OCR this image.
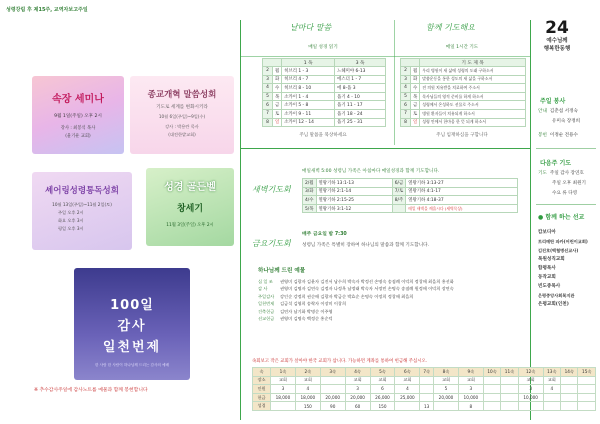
성령강림 후 제15주, 교역자보고주일
속장 세미나
9월 1일(주일) 오후 2시
강사 : 최봉석 목사
(율기운 교회)
종교개혁 말씀성회
기도로 세계를 변화시키라
10월 6일(주일)~9일(수)
강사 : 박용란 목사
(대전한밭교회)
셰어링성령통독성회
10월 13일(주일)~11월 2일(토)
주일 오후 2시
화요 오후 3시
평일 오후 3시
성경 골든벨
창세기
11월 3일(주일) 오후 2시
100일
감사
일천번제
한 사람 한 사람이 하나님께 드리는 감사의 예배
※ 추수감사주일에 감사노트를 예물과 함께 봉헌합니다
날마다 말씀	함께 기도해요
새벽기도회
금요기도회
매일 성경 읽기
		1 독	3 독
2	월	히브리 1 - 3	느헤미야 6-13
3	화	히브리 4 - 7	에스더 1 - 7
4	수	히브리 8 - 10	에 8-욥 3
5	목	소카이 1 - 4	욥기 4 - 10
6	금	소카이 5 - 8	욥기 11 - 17
7	토	소카이 9 - 11	욥기 18 - 24
8	일	소카이 12 - 14	욥기 25 - 31
주님 말씀을 묵상하세요
매일 1시간 기도
		기 도 제 목
2	월	우리 병원이 새 삶에 성령의 도래 구하소서
3	화	말씀운동을 통한 성도의 새 삶을 구하소서
4	수	전 의원 치유받을 치료하여 주소서
5	목	목사님들의 영적 준비를 하게 하소서
6	금	성령께서 온성하도 선물로 주소서
7	토	병원 환자들이 치유되게 하소서
8	일	성령 안에서 한마음 한 뜻 되게 하소서
주님 임재하심을 구합니다
매일새벽 5:00 성령님 가족은 아침마다 매일성경과 함께 기도합니다.
2/월	열왕기하 13:1-13	6/금	열왕기하 3:13-27
3/화	열왕기하 2:1-14	7/토	열왕기하 4:1-17
4/수	열왕기하 2:15-25	8/주	열왕기하 4:18-37
5/목	열왕기하 3:1-12		매일 새벽을 깨웁시다 (새벽묵상)
매주 금요일 밤 7:30
성령님 가족은 특별히 장하여 하나님의 말씀과 함께 기도합니다.
하나님께 드린 예물
십 일 조	권영미 김광자 김윤자 김진서 남수희 박숙자 박정선 손명숙 송점례 이덕희 정창애 최을희 홍선화
감 사	권영미 김명자 김연숙 김정자 나정옥 남정태 박숙자 서정민 손명숙 송점례 원정애 이덕희 장연숙
주일감사	강인순 강정희 권순애 김광자 박금순 박효순 손명숙 이정희 정창애 최을희
일천번제	김금석 김영희 송락자 이장미 이창희
건축헌금	김연자 남기화 박명순 이주영
선교헌금	권영미 김명숙 백정순 홍순덕
속회보고 작은 교회가 살아야 한국 교회가 삽니다. 가능하면 계좌를 통하여 헌금해 주십시오.
속	1속	2속	3속	4속	5속	6속	7속	8속	9속	10속	11속	12속	13속	14속	15속
장소	교회	교회		교회	교회	교회		교회	교회			교회	교회		
인원	3	4		3	6	4		5	3			3	4		
헌금	18,000	18,000	20,000	20,000	26,000	25,000		20,000	10,000			10,000			
성경		150	90	60	150		13		8						
24
예수님께
행복한동행
주일 봉사
안내 김춘섭 서정숙
유미숙 장정희
봉헌 이정순 전용수
다음주 기도
기도 주일 감사 장연호
주일 오후 최원기
수요 류 다영
● 함께 하는 선교
캄보디아
트리메탄 파카(어린이교회)
김진호(백혈병선교사)
목원성직교회
함평목사
동작교회
빈도중목사
은평중앙사회복지관
은평교회(인천)
